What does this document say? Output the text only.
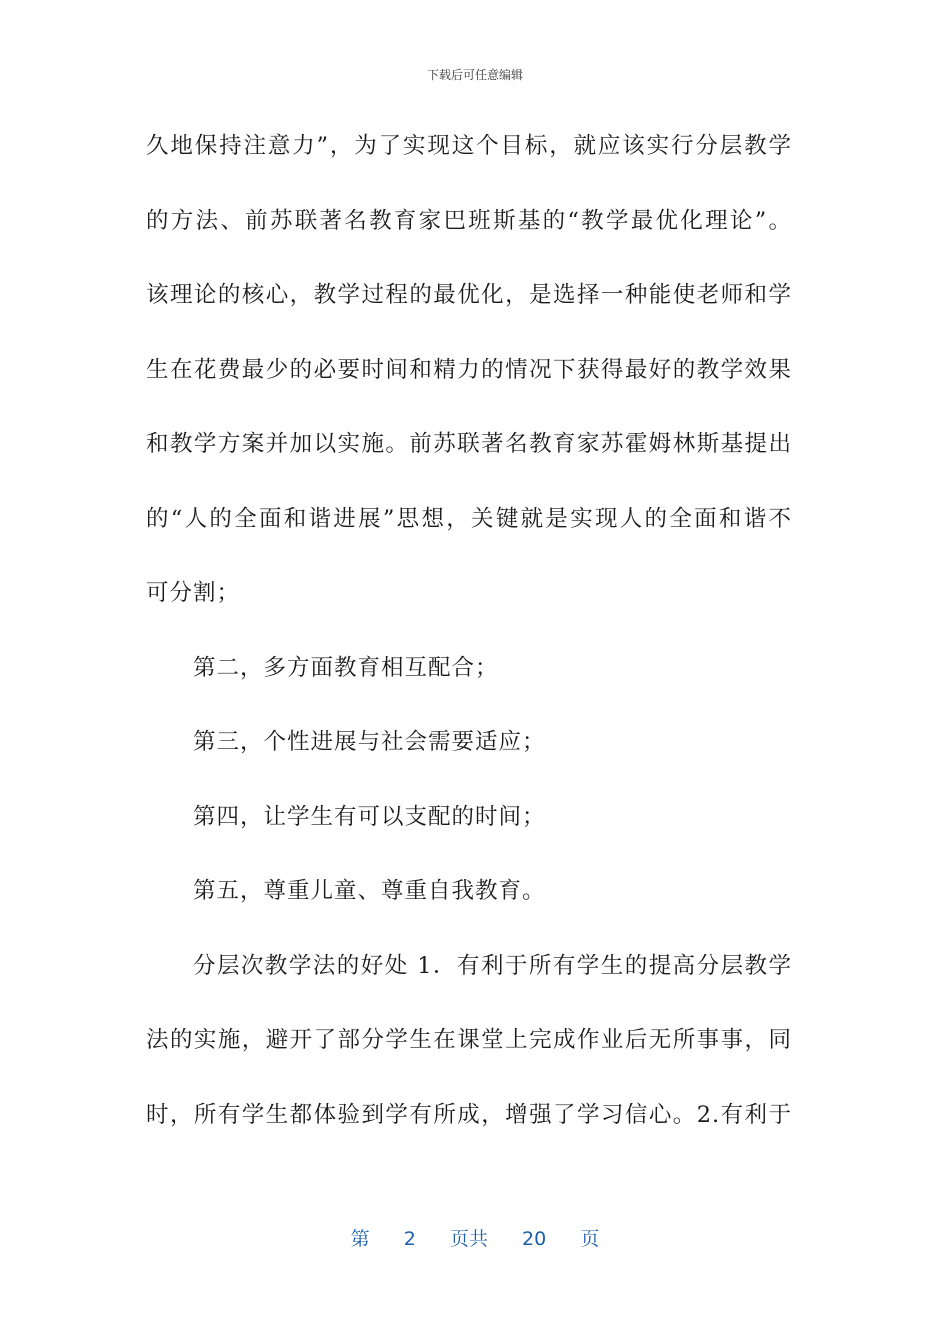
下载后可任意编辑
久地保持注意力”，为了实现这个目标，就应该实行分层教学
的方法、前苏联著名教育家巴班斯基的“教学最优化理论”。
该理论的核心，教学过程的最优化，是选择一种能使老师和学
生在花费最少的必要时间和精力的情况下获得最好的教学效果
和教学方案并加以实施。前苏联著名教育家苏霍姆林斯基提出
的“人的全面和谐进展”思想，关键就是实现人的全面和谐不
可分割；
第二，多方面教育相互配合；
第三，个性进展与社会需要适应；
第四，让学生有可以支配的时间；
第五，尊重儿童、尊重自我教育。
分层次教学法的好处 1．有利于所有学生的提高分层教学
法的实施，避开了部分学生在课堂上完成作业后无所事事，同
时，所有学生都体验到学有所成，增强了学习信心。2.有利于
第 2 页共 20 页
